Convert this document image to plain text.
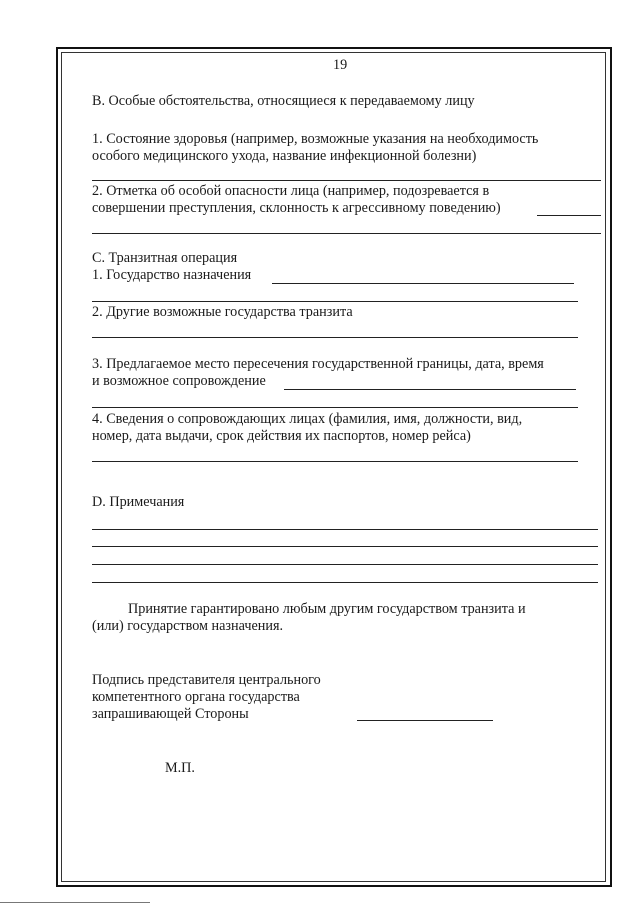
19
В. Особые обстоятельства, относящиеся к передаваемому лицу
1. Состояние здоровья (например, возможные указания на необходимость
особого медицинского ухода, название инфекционной болезни)
2. Отметка об особой опасности лица (например, подозревается в
совершении преступления, склонность к агрессивному поведению)
С. Транзитная операция
1. Государство назначения
2. Другие возможные государства транзита
3. Предлагаемое место пересечения государственной границы, дата, время
и возможное сопровождение
4. Сведения о сопровождающих лицах (фамилия, имя, должности, вид,
номер, дата выдачи, срок действия их паспортов, номер рейса)
D. Примечания
Принятие гарантировано любым другим государством транзита и
(или) государством назначения.
Подпись представителя центрального
компетентного органа государства
запрашивающей Стороны
М.П.
